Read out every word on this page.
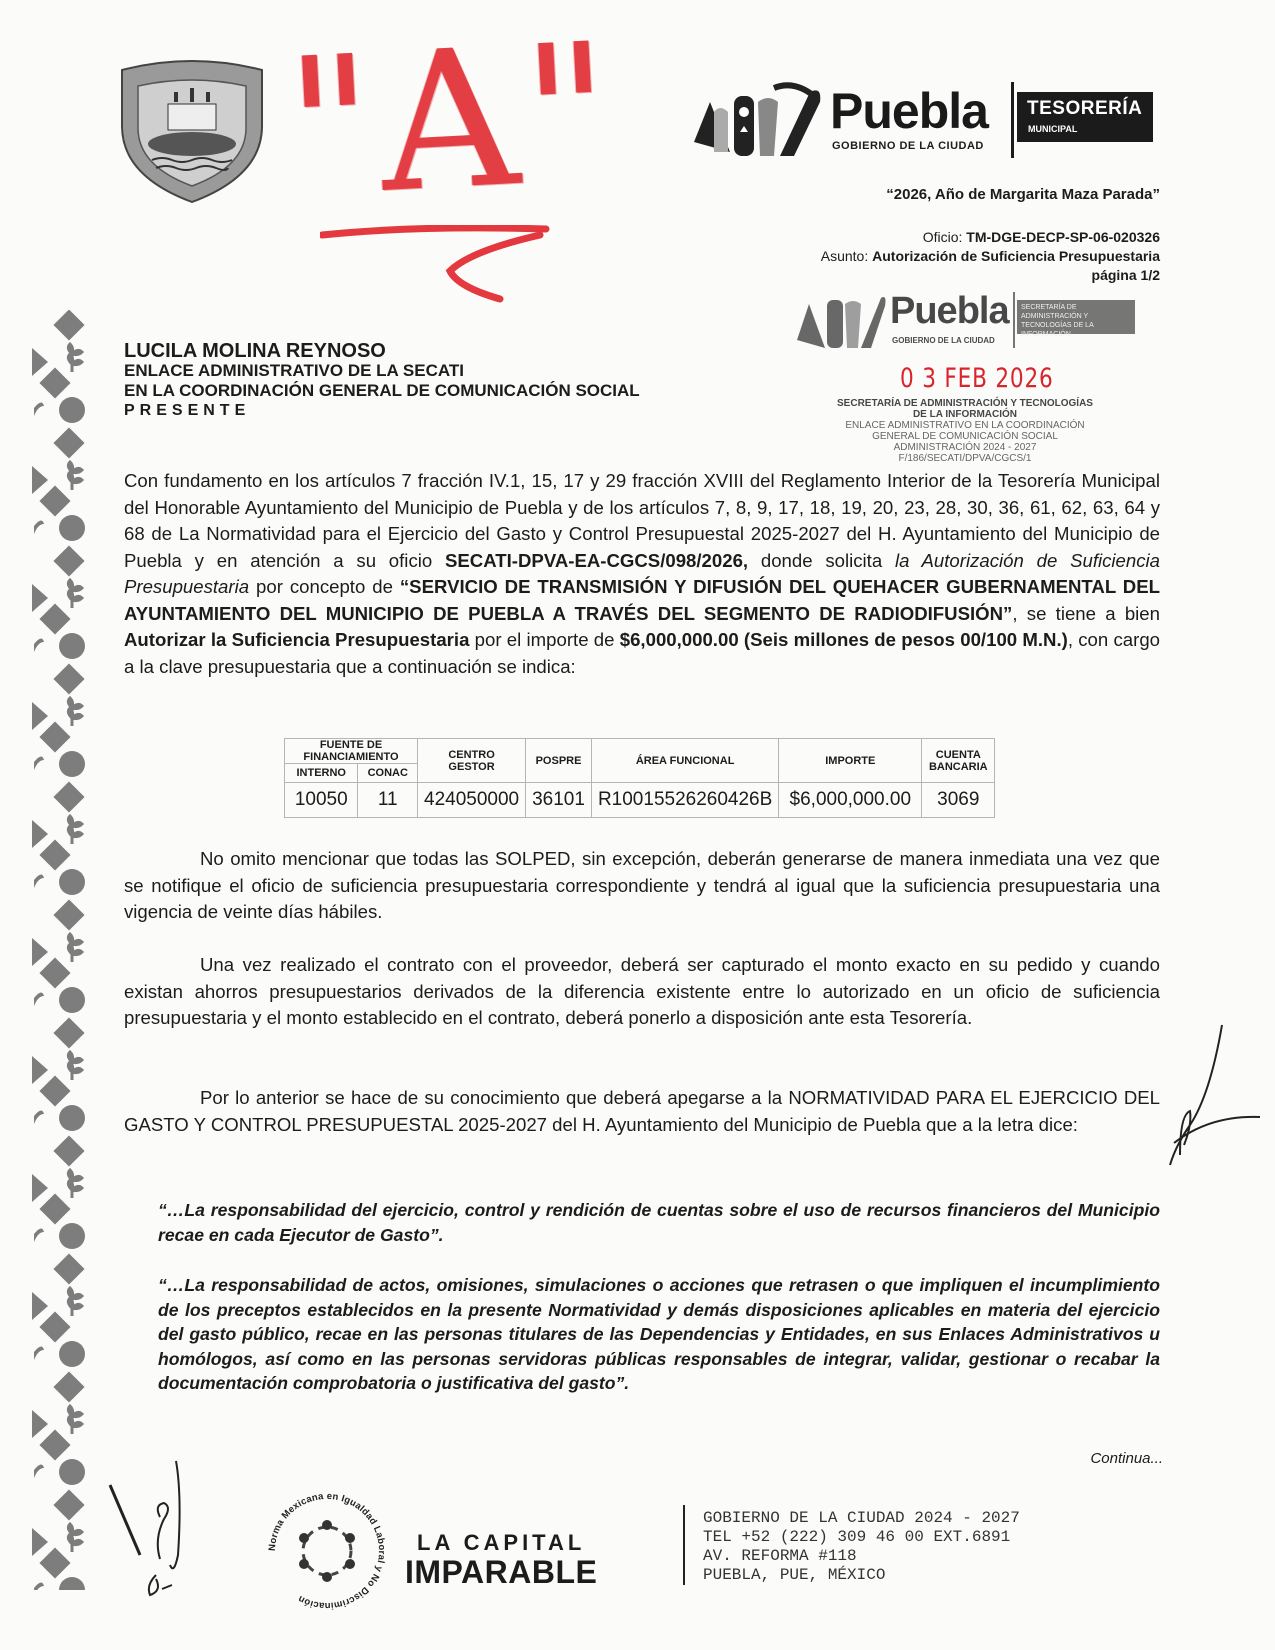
"A"	Puebla
GOBIERNO DE LA CIUDAD
TESORERÍA
MUNICIPAL
“2026, Año de Margarita Maza Parada”
Oficio: TM-DGE-DECP-SP-06-020326
Asunto: Autorización de Suficiencia Presupuestaria
página 1/2
Puebla
GOBIERNO DE LA CIUDAD
SECRETARÍA DE ADMINISTRACIÓN Y TECNOLOGÍAS DE LA INFORMACIÓN
0 3 FEB 2026
SECRETARÍA DE ADMINISTRACIÓN Y TECNOLOGÍAS
DE LA INFORMACIÓN
ENLACE ADMINISTRATIVO EN LA COORDINACIÓN
GENERAL DE COMUNICACIÓN SOCIAL
ADMINISTRACIÓN 2024 - 2027
F/186/SECATI/DPVA/CGCS/1
LUCILA MOLINA REYNOSO
ENLACE ADMINISTRATIVO DE LA SECATI
EN LA COORDINACIÓN GENERAL DE COMUNICACIÓN SOCIAL
PRESENTE
Con fundamento en los artículos 7 fracción IV.1, 15, 17 y 29 fracción XVIII del Reglamento Interior de la Tesorería Municipal del Honorable Ayuntamiento del Municipio de Puebla y de los artículos 7, 8, 9, 17, 18, 19, 20, 23, 28, 30, 36, 61, 62, 63, 64 y 68 de La Normatividad para el Ejercicio del Gasto y Control Presupuestal 2025-2027 del H. Ayuntamiento del Municipio de Puebla y en atención a su oficio SECATI-DPVA-EA-CGCS/098/2026, donde solicita la Autorización de Suficiencia Presupuestaria por concepto de “SERVICIO DE TRANSMISIÓN Y DIFUSIÓN DEL QUEHACER GUBERNAMENTAL DEL AYUNTAMIENTO DEL MUNICIPIO DE PUEBLA A TRAVÉS DEL SEGMENTO DE RADIODIFUSIÓN”, se tiene a bien Autorizar la Suficiencia Presupuestaria por el importe de $6,000,000.00 (Seis millones de pesos 00/100 M.N.), con cargo a la clave presupuestaria que a continuación se indica:
FUENTE DE FINANCIAMIENTO		CENTRO GESTOR	POSPRE	ÁREA FUNCIONAL	IMPORTE	CUENTA BANCARIA
INTERNO	CONAC					
10050	11	424050000	36101	R10015526260426B	$6,000,000.00	3069
No omito mencionar que todas las SOLPED, sin excepción, deberán generarse de manera inmediata una vez que se notifique el oficio de suficiencia presupuestaria correspondiente y tendrá al igual que la suficiencia presupuestaria una vigencia de veinte días hábiles.
Una vez realizado el contrato con el proveedor, deberá ser capturado el monto exacto en su pedido y cuando existan ahorros presupuestarios derivados de la diferencia existente entre lo autorizado en un oficio de suficiencia presupuestaria y el monto establecido en el contrato, deberá ponerlo a disposición ante esta Tesorería.
Por lo anterior se hace de su conocimiento que deberá apegarse a la NORMATIVIDAD PARA EL EJERCICIO DEL GASTO Y CONTROL PRESUPUESTAL 2025-2027 del H. Ayuntamiento del Municipio de Puebla que a la letra dice:
“…La responsabilidad del ejercicio, control y rendición de cuentas sobre el uso de recursos financieros del Municipio recae en cada Ejecutor de Gasto”.
“…La responsabilidad de actos, omisiones, simulaciones o acciones que retrasen o que impliquen el incumplimiento de los preceptos establecidos en la presente Normatividad y demás disposiciones aplicables en materia del ejercicio del gasto público, recae en las personas titulares de las Dependencias y Entidades, en sus Enlaces Administrativos u homólogos, así como en las personas servidoras públicas responsables de integrar, validar, gestionar o recabar la documentación comprobatoria o justificativa del gasto”.
Continua...
Norma Mexicana en Igualdad Laboral y No Discriminación
LA CAPITAL
IMPARABLE
GOBIERNO DE LA CIUDAD 2024 - 2027
TEL +52 (222) 309 46 00 EXT.6891
AV. REFORMA #118
PUEBLA, PUE, MÉXICO
